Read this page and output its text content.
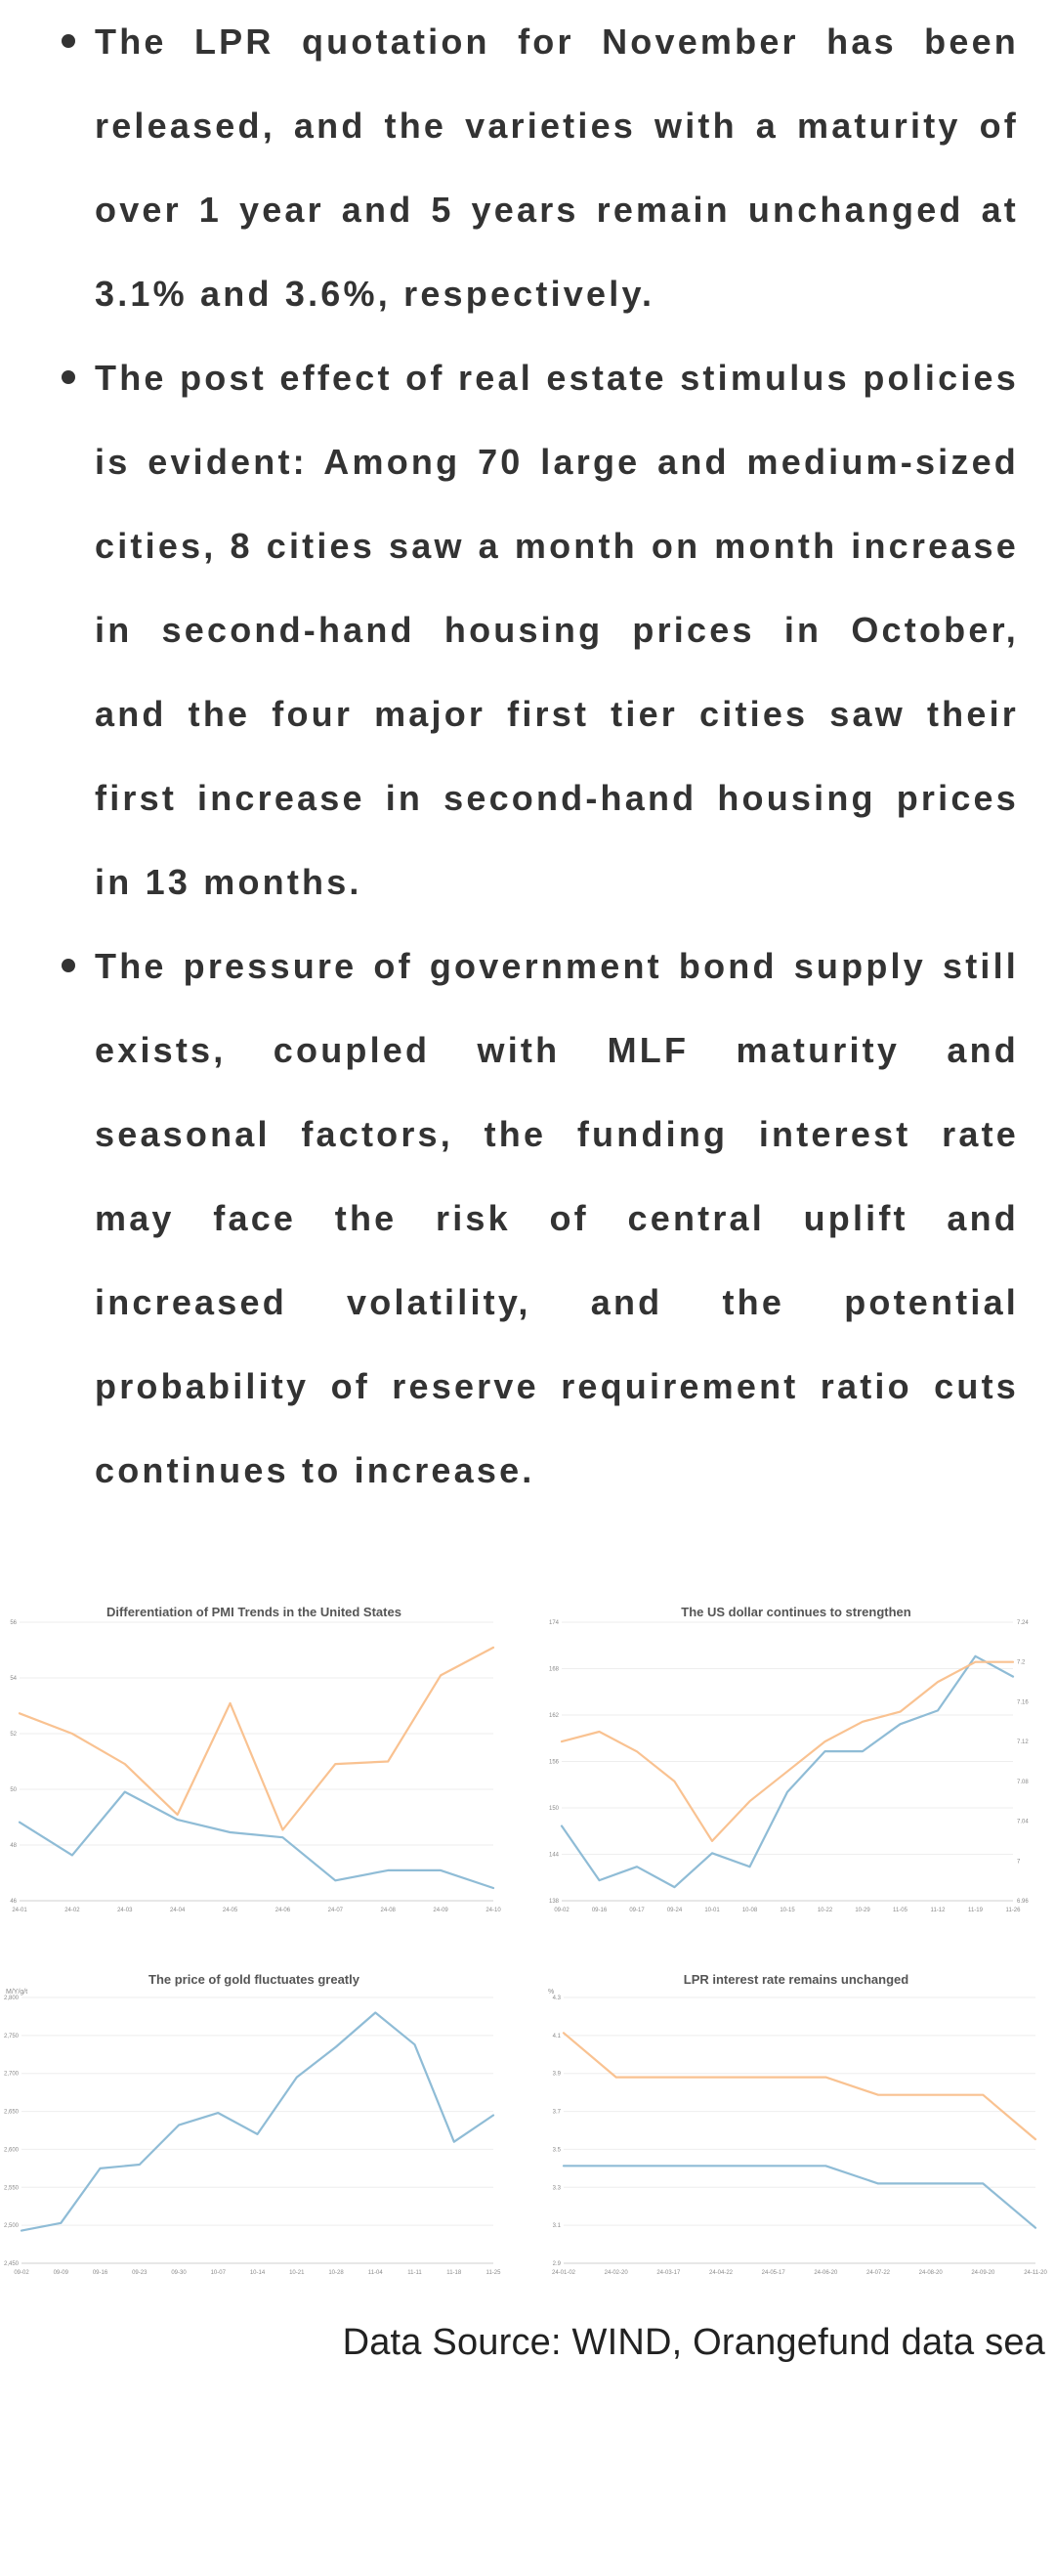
The LPR quotation for November has been released, and the varieties with a maturity of over 1 year and 5 years remain unchanged at 3.1% and 3.6%, respectively.
The post effect of real estate stimulus policies is evident: Among 70 large and medium-sized cities, 8 cities saw a month on month increase in second-hand housing prices in October, and the four major first tier cities saw their first increase in second-hand housing prices in 13 months.
The pressure of government bond supply still exists, coupled with MLF maturity and seasonal factors, the funding interest rate may face the risk of central uplift and increased volatility, and the potential probability of reserve requirement ratio cuts continues to increase.
Differentiation of PMI Trends in the United States
46
48
50
52
54
56
24-01	24-02	24-03	24-04	24-05	24-06	24-07	24-08	24-09	24-10
The US dollar continues to strengthen
138
144
150
156
162
168
174	7.24
7.2
7.16
7.12
7.08
7.04
7
6.96
09-02	09-16	09-17	09-24	10-01	10-08	10-15	10-22	10-29	11-05	11-12	11-19	11-26
The price of gold fluctuates greatly
M/Y/g/t
2,450
2,500
2,550
2,600
2,650
2,700
2,750
2,800
09-02	09-09	09-16	09-23	09-30	10-07	10-14	10-21	10-28	11-04	11-11	11-18	11-25
LPR interest rate remains unchanged
%
2.9
3.1
3.3
3.5
3.7
3.9
4.1
4.3
24-01-02	24-02-20	24-03-17	24-04-22	24-05-17	24-06-20	24-07-22	24-08-20	24-09-20	24-11-20
Data Source: WIND, Orangefund data sea
